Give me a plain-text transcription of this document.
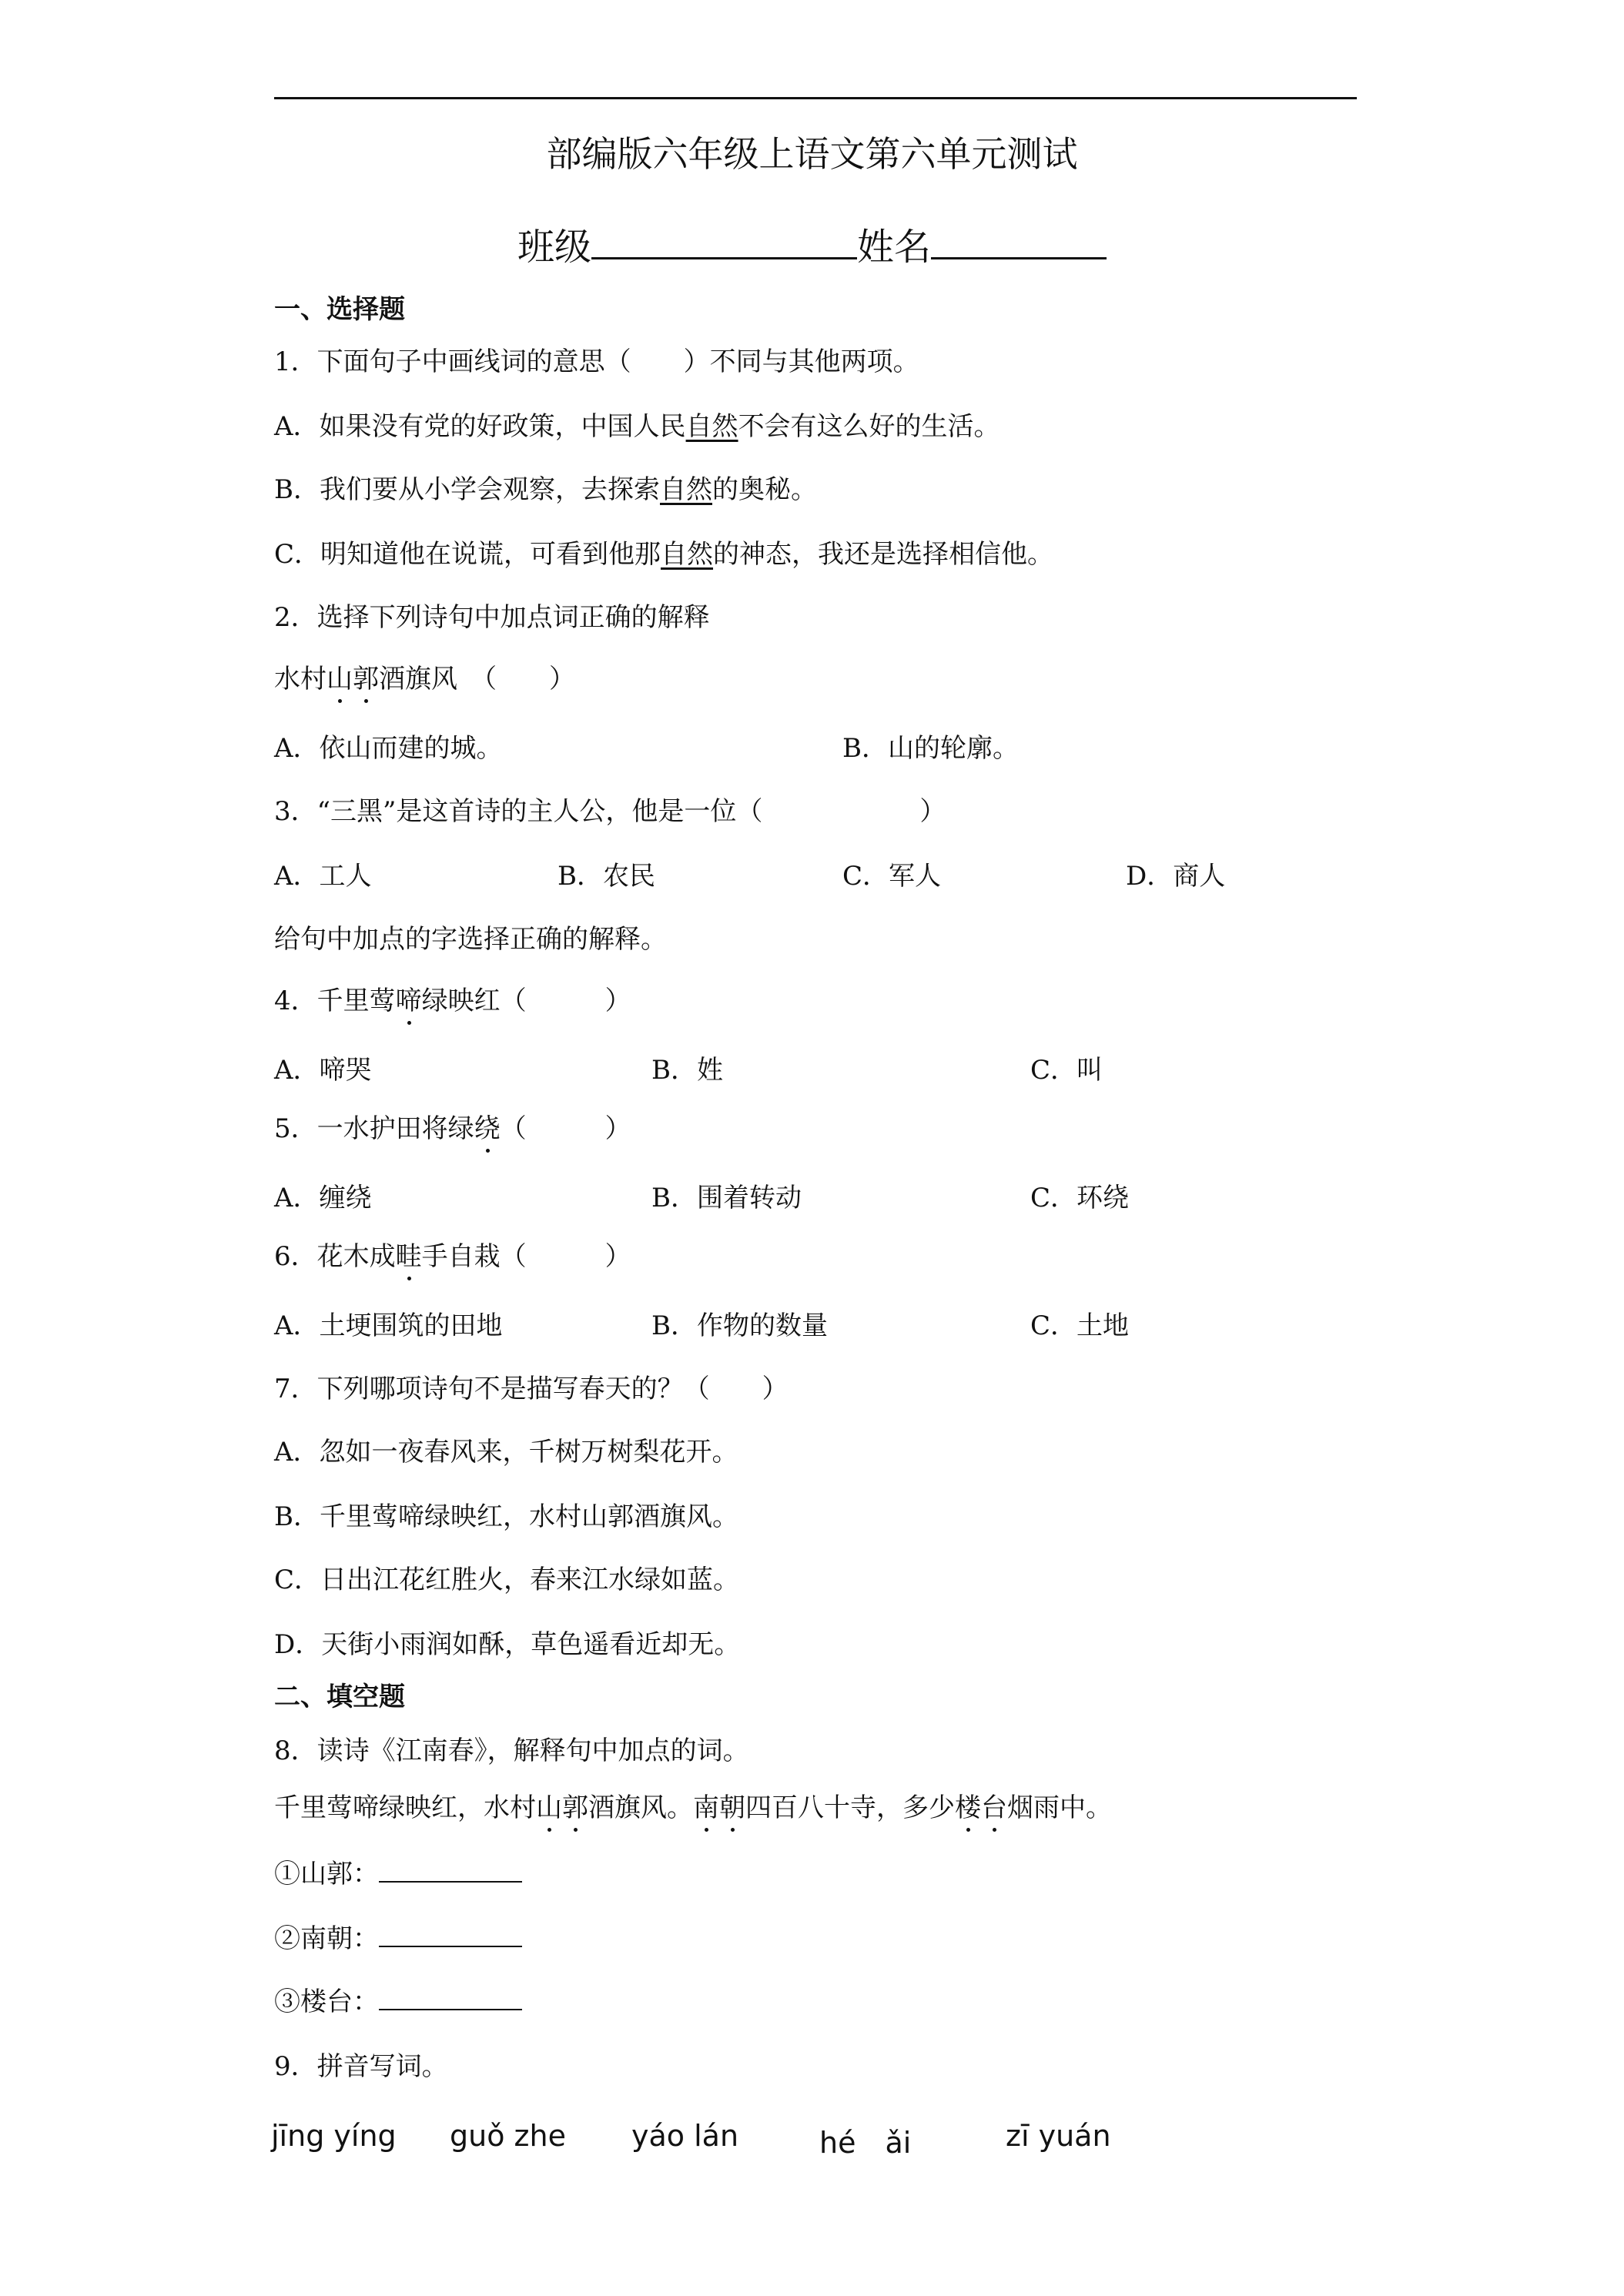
部编版六年级上语文第六单元测试
班级	姓名
一、选择题
1．下面句子中画线词的意思（　　）不同与其他两项。
A．如果没有党的好政策，中国人民自然不会有这么好的生活。
B．我们要从小学会观察，去探索自然的奥秘。
C．明知道他在说谎，可看到他那自然的神态，我还是选择相信他。
2．选择下列诗句中加点词正确的解释
水村山郭酒旗风　（　　）
A．依山而建的城。	B．山的轮廓。
3．“三黑”是这首诗的主人公，他是一位（　　　　　　）
A．工人	B．农民	C．军人	D．商人
给句中加点的字选择正确的解释。
4．千里莺啼绿映红（　　　）
A．啼哭	B．姓	C．叫
5．一水护田将绿绕（　　　）
A．缠绕	B．围着转动	C．环绕
6．花木成畦手自栽（　　　）
A．土埂围筑的田地	B．作物的数量	C．土地
7．下列哪项诗句不是描写春天的？（　　）
A．忽如一夜春风来，千树万树梨花开。
B．千里莺啼绿映红，水村山郭酒旗风。
C．日出江花红胜火，春来江水绿如蓝。
D．天街小雨润如酥，草色遥看近却无。
二、填空题
8．读诗《江南春》，解释句中加点的词。
千里莺啼绿映红，水村山郭酒旗风。南朝四百八十寺，多少楼台烟雨中。
①山郭：
②南朝：
③楼台：
9．拼音写词。
jīng yíng guǒ zhe yáo lán	hé　ǎi	zī yuán
